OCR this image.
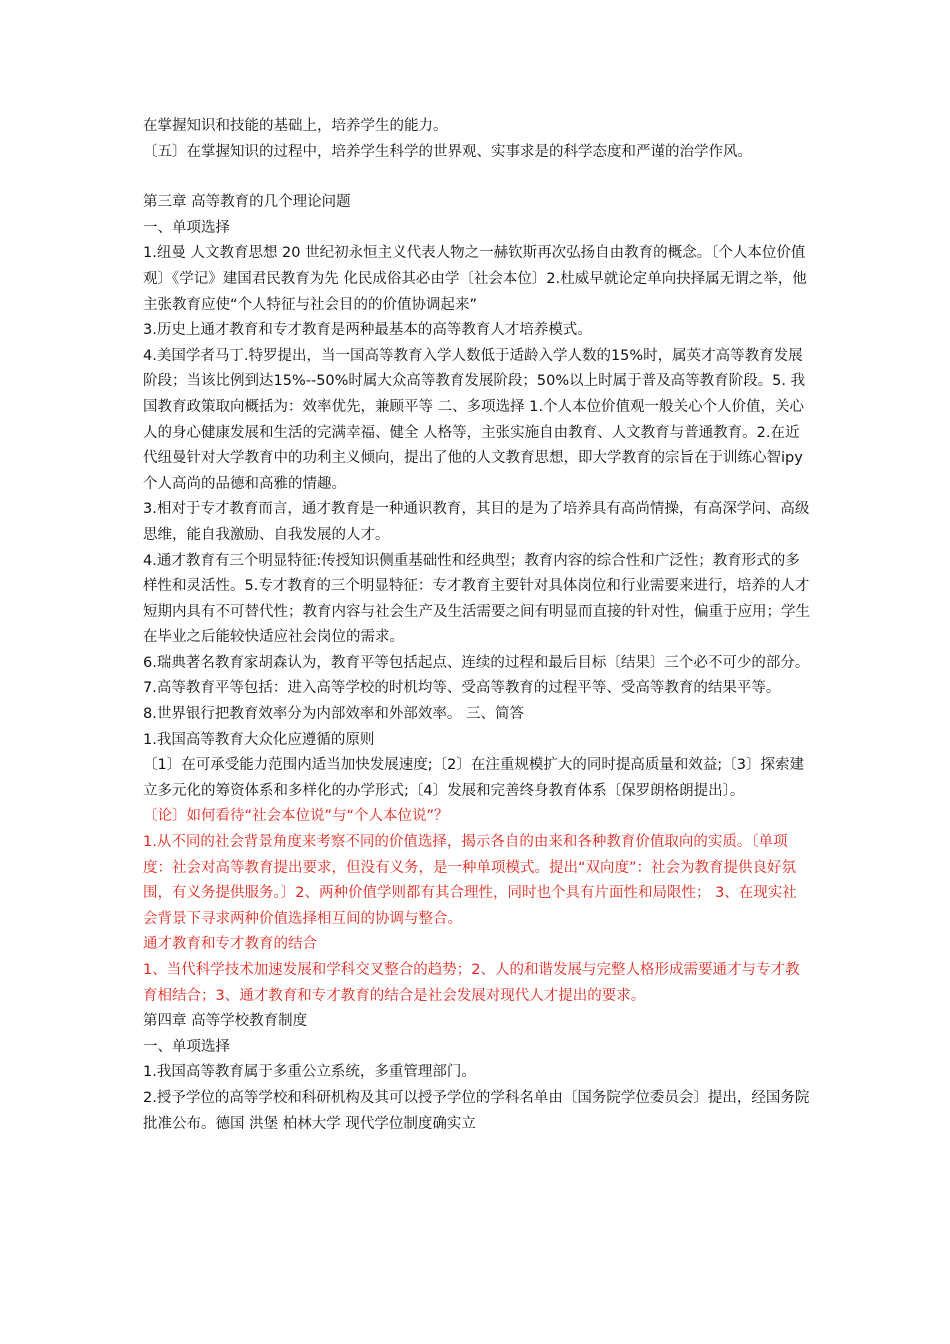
在掌握知识和技能的基础上，培养学生的能力。

〔五〕在掌握知识的过程中，培养学生科学的世界观、实事求是的科学态度和严谨的治学作风。

第三章 高等教育的几个理论问题

一、单项选择

1.纽曼 人文教育思想 20 世纪初永恒主义代表人物之一赫钦斯再次弘扬自由教育的概念。〔个人本位价值观〕《学记》建国君民教育为先 化民成俗其必由学〔社会本位〕2.杜威早就论定单向抉择属无谓之举，他主张教育应使“个人特征与社会目的的价值协调起来”

3.历史上通才教育和专才教育是两种最基本的高等教育人才培养模式。

4.美国学者马丁.特罗提出，当一国高等教育入学人数低于适龄入学人数的15%时，属英才高等教育发展阶段；当该比例到达15%--50%时属大众高等教育发展阶段；50%以上时属于普及高等教育阶段。5. 我国教育政策取向概括为：效率优先，兼顾平等 二、多项选择 1.个人本位价值观一般关心个人价值，关心人的身心健康发展和生活的完满幸福、健全 人格等，主张实施自由教育、人文教育与普通教育。2.在近代纽曼针对大学教育中的功利主义倾向，提出了他的人文教育思想，即大学教育的宗旨在于训练心智ipy个人高尚的品德和高雅的情趣。

3.相对于专才教育而言，通才教育是一种通识教育，其目的是为了培养具有高尚情操，有高深学问、高级思维，能自我激励、自我发展的人才。

4.通才教育有三个明显特征:传授知识侧重基础性和经典型；教育内容的综合性和广泛性；教育形式的多样性和灵活性。5.专才教育的三个明显特征：专才教育主要针对具体岗位和行业需要来进行，培养的人才短期内具有不可替代性；教育内容与社会生产及生活需要之间有明显而直接的针对性，偏重于应用；学生在毕业之后能较快适应社会岗位的需求。

6.瑞典著名教育家胡森认为，教育平等包括起点、连续的过程和最后目标〔结果〕三个必不可少的部分。

7.高等教育平等包括：进入高等学校的时机均等、受高等教育的过程平等、受高等教育的结果平等。

8.世界银行把教育效率分为内部效率和外部效率。 三、简答

1.我国高等教育大众化应遵循的原则

〔1〕在可承受能力范围内适当加快发展速度;〔2〕在注重规模扩大的同时提高质量和效益;〔3〕探索建立多元化的筹资体系和多样化的办学形式;〔4〕发展和完善终身教育体系〔保罗朗格朗提出〕。

〔论〕如何看待“社会本位说”与“个人本位说”？

1.从不同的社会背景角度来考察不同的价值选择，揭示各自的由来和各种教育价值取向的实质。〔单项度：社会对高等教育提出要求，但没有义务，是一种单项模式。提出“双向度”：社会为教育提供良好氛围，有义务提供服务。〕2、两种价值学则都有其合理性，同时也个具有片面性和局限性； 3、在现实社会背景下寻求两种价值选择相互间的协调与整合。

通才教育和专才教育的结合

1、当代科学技术加速发展和学科交叉整合的趋势；2、人的和谐发展与完整人格形成需要通才与专才教育相结合；3、通才教育和专才教育的结合是社会发展对现代人才提出的要求。

第四章 高等学校教育制度

一、单项选择

1.我国高等教育属于多重公立系统，多重管理部门。

2.授予学位的高等学校和科研机构及其可以授予学位的学科名单由〔国务院学位委员会〕提出，经国务院批准公布。德国 洪堡 柏林大学 现代学位制度确实立
